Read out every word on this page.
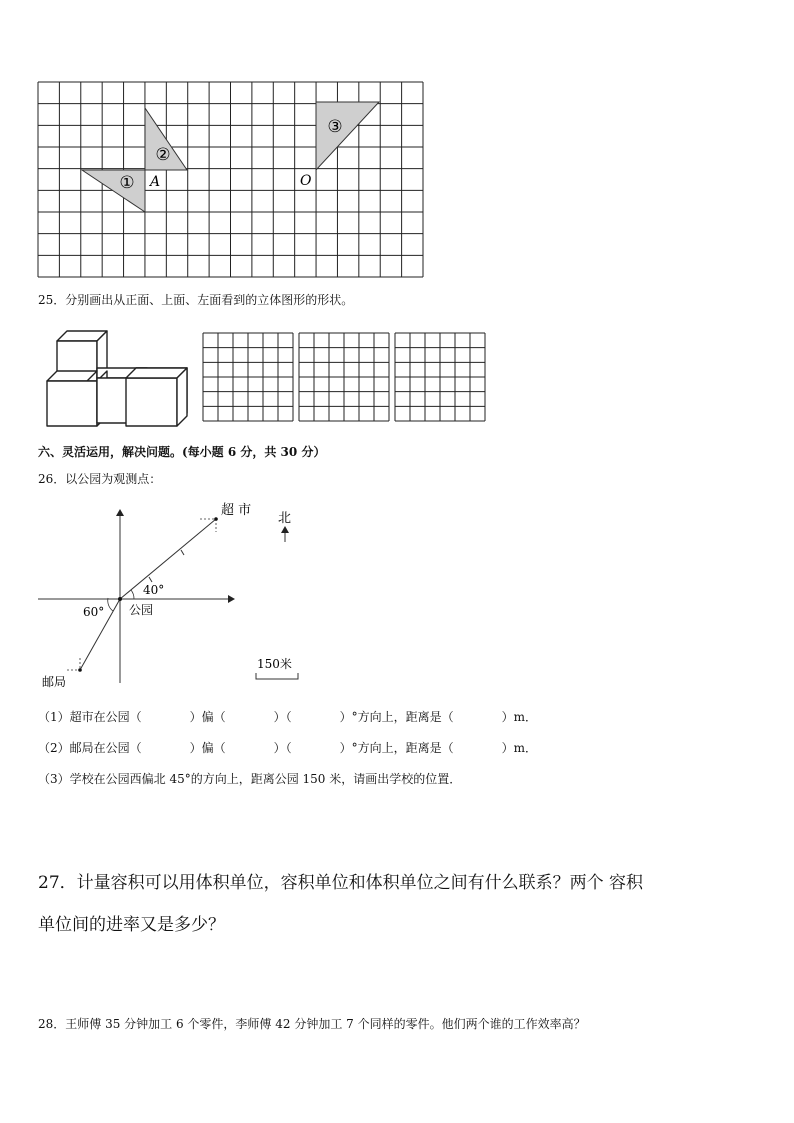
①
②
③
A	O
25．分别画出从正面、上面、左面看到的立体图形的形状。
六、灵活运用，解决问题。(每小题 6 分，共 30 分）
26．以公园为观测点：
超 市
北
40°
60° 公园
邮局
150米
（1）超市在公园（　　　　）偏（　　　　）（　　　　）°方向上，距离是（　　　　）m．
（2）邮局在公园（　　　　）偏（　　　　）（　　　　）°方向上，距离是（　　　　）m．
（3）学校在公园西偏北 45°的方向上，距离公园 150 米，请画出学校的位置．
27．计量容积可以用体积单位，容积单位和体积单位之间有什么联系？两个 容积
单位间的进率又是多少？
28．王师傅 35 分钟加工 6 个零件，李师傅 42 分钟加工 7 个同样的零件。他们两个谁的工作效率高？
